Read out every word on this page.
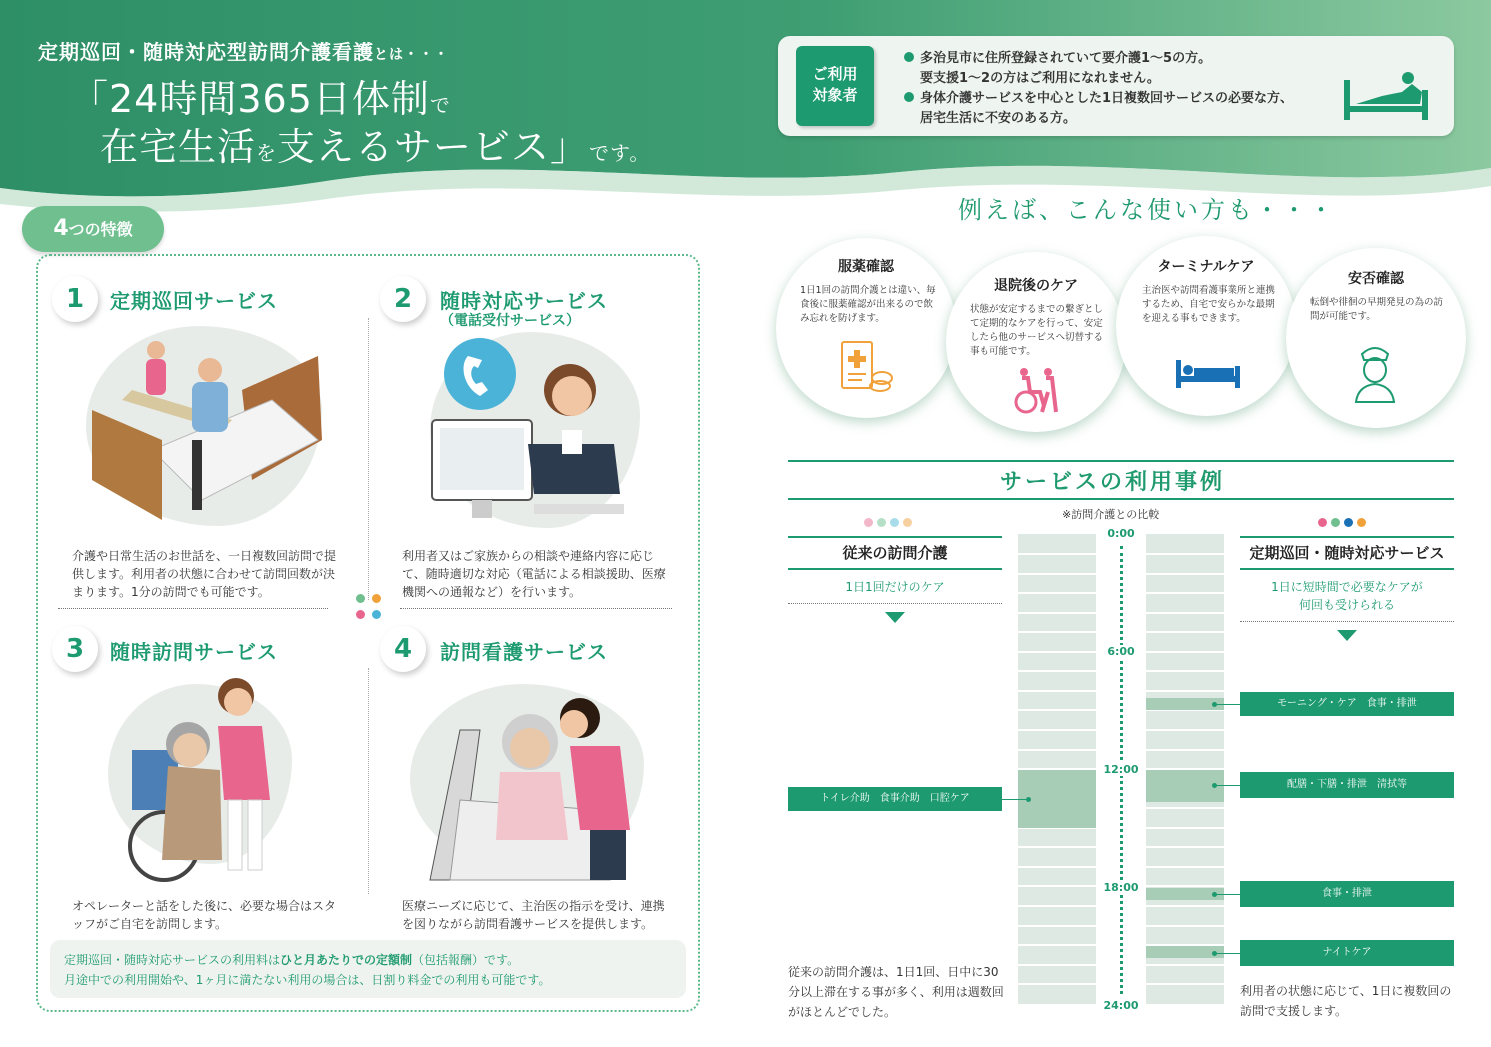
定期巡回・随時対応型訪問介護看護とは・・・
「24時間365日体制で
在宅生活を支えるサービス」です。
ご利用
対象者
多治見市に住所登録されていて要介護1～5の方。
要支援1～2の方はご利用になれません。
身体介護サービスを中心とした1日複数回サービスの必要な方、
居宅生活に不安のある方。
4つの特徴
1	定期巡回サービス
介護や日常生活のお世話を、一日複数回訪問で提供します。利用者の状態に合わせて訪問回数が決まります。1分の訪問でも可能です。
2	随時対応サービス
（電話受付サービス）
利用者又はご家族からの相談や連絡内容に応じて、随時適切な対応（電話による相談援助、医療機関への通報など）を行います。
3	随時訪問サービス
オペレーターと話をした後に、必要な場合はスタッフがご自宅を訪問します。
4	訪問看護サービス
医療ニーズに応じて、主治医の指示を受け、連携を図りながら訪問看護サービスを提供します。
定期巡回・随時対応サービスの利用料はひと月あたりでの定額制（包括報酬）です。
月途中での利用開始や、1ヶ月に満たない利用の場合は、日割り料金での利用も可能です。
例えば、こんな使い方も・・・
服薬確認
1日1回の訪問介護とは違い、毎食後に服薬確認が出来るので飲み忘れを防げます。
退院後のケア
状態が安定するまでの繋ぎとして定期的なケアを行って、安定したら他のサービスへ切替する事も可能です。
ターミナルケア
主治医や訪問看護事業所と連携するため、自宅で安らかな最期を迎える事もできます。
安否確認
転倒や徘徊の早期発見の為の訪問が可能です。
サービスの利用事例
※訪問介護との比較
従来の訪問介護
1日1回だけのケア
定期巡回・随時対応サービス
1日に短時間で必要なケアが
何回も受けられる
0:00
6:00
12:00
18:00
24:00
トイレ介助　食事介助　口腔ケア
モーニング・ケア　食事・排泄
配膳・下膳・排泄　清拭等
食事・排泄
ナイトケア
従来の訪問介護は、1日1回、日中に30分以上滞在する事が多く、利用は週数回がほとんどでした。
利用者の状態に応じて、1日に複数回の訪問で支援します。
